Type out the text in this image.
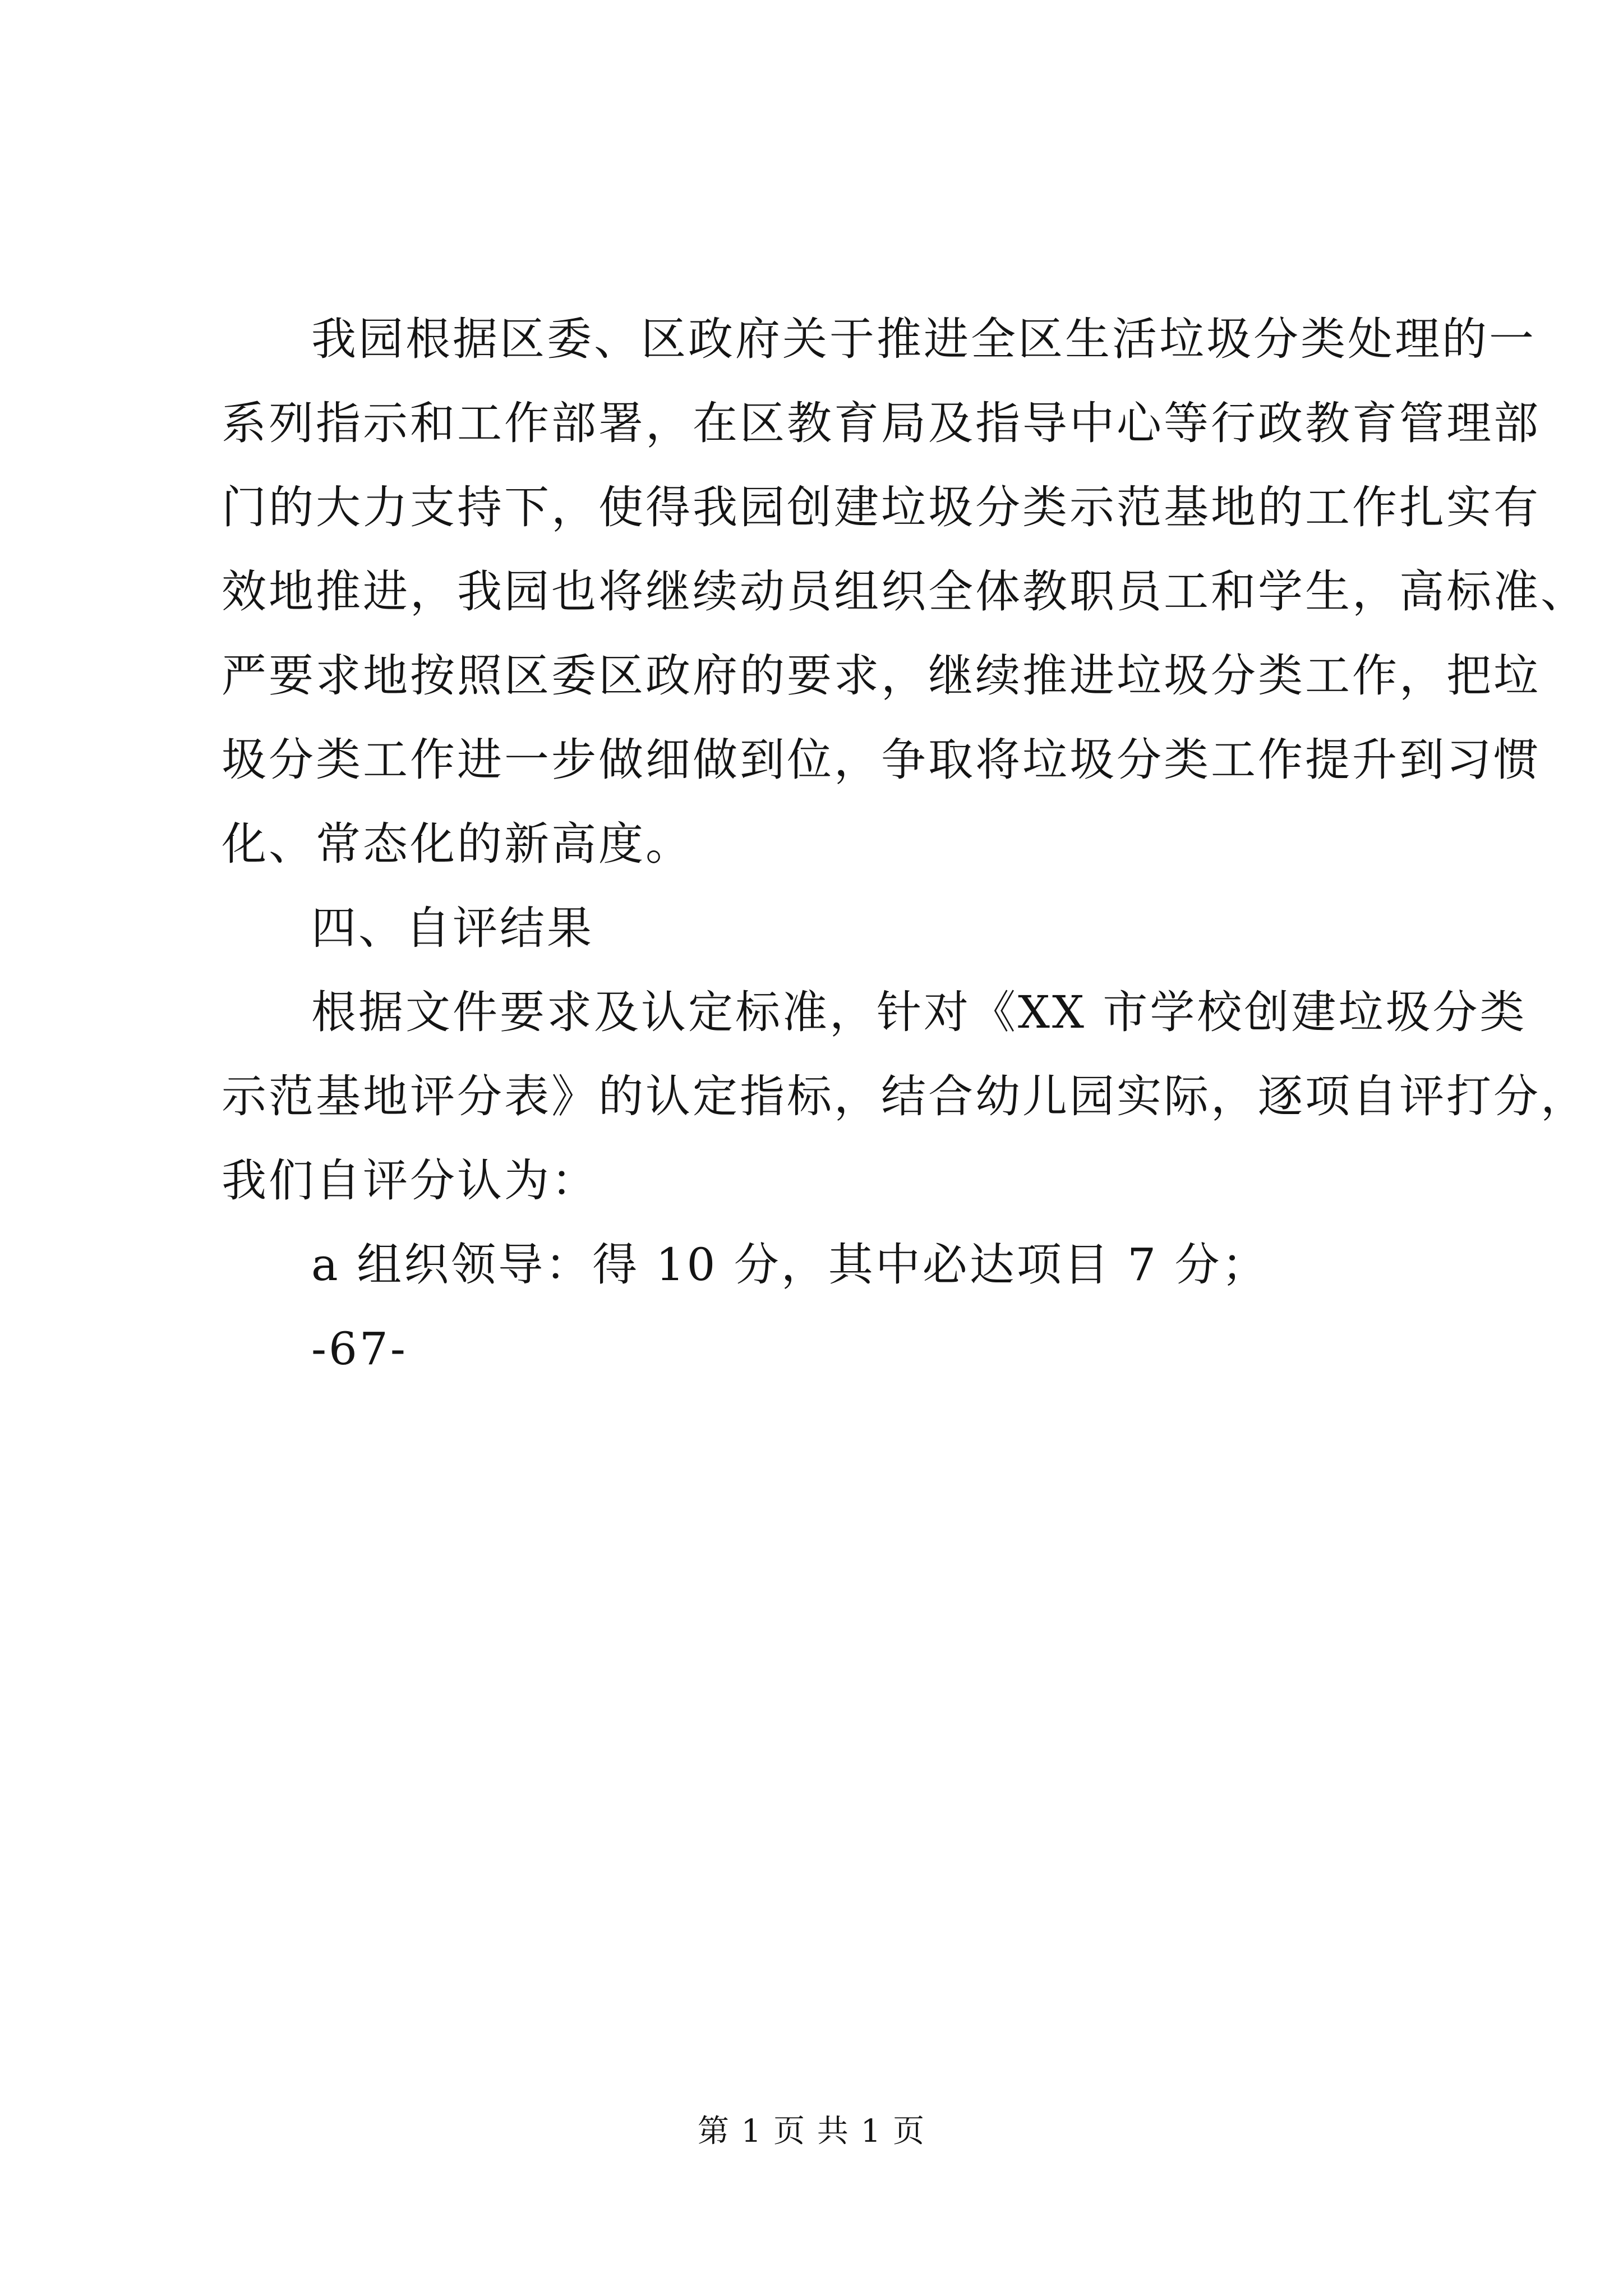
我园根据区委、区政府关于推进全区生活垃圾分类处理的一
系列指示和工作部署，在区教育局及指导中心等行政教育管理部
门的大力支持下，使得我园创建垃圾分类示范基地的工作扎实有
效地推进，我园也将继续动员组织全体教职员工和学生，高标准、
严要求地按照区委区政府的要求，继续推进垃圾分类工作，把垃
圾分类工作进一步做细做到位，争取将垃圾分类工作提升到习惯
化、常态化的新高度。
四、自评结果
根据文件要求及认定标准，针对《XX 市学校创建垃圾分类
示范基地评分表》的认定指标，结合幼儿园实际，逐项自评打分，
我们自评分认为：
a 组织领导：得 10 分，其中必达项目 7 分；
-67-
第 1 页 共 1 页
